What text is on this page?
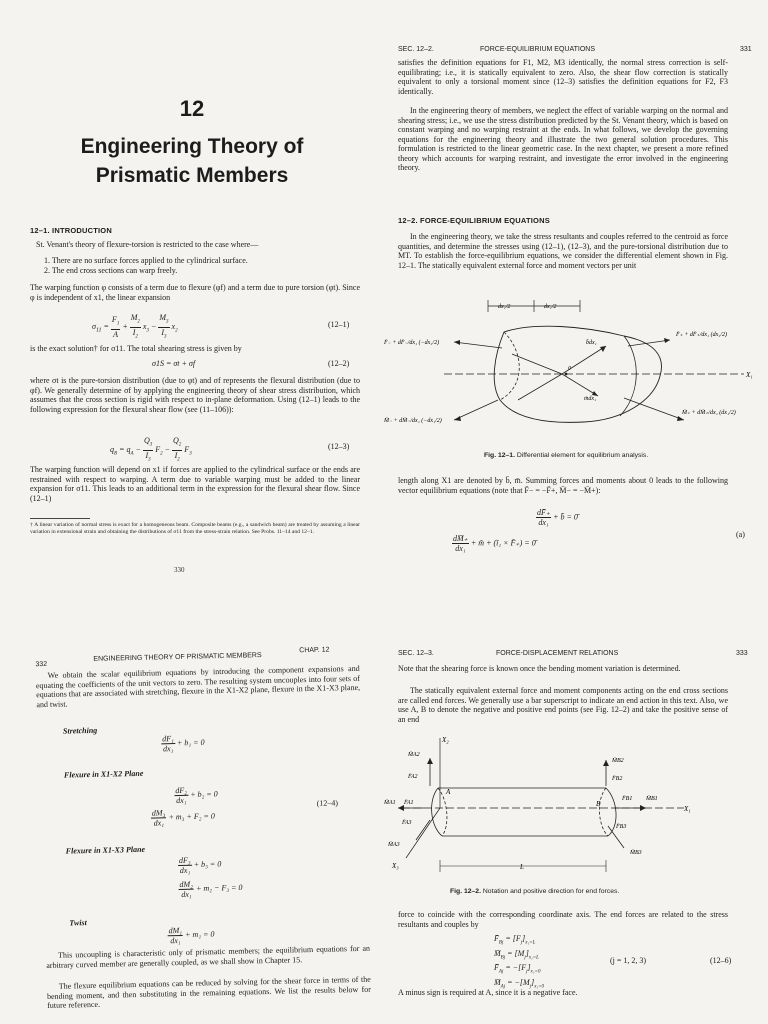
12
Engineering Theory of
Prismatic Members
12–1. INTRODUCTION
St. Venant's theory of flexure-torsion is restricted to the case where—
1. There are no surface forces applied to the cylindrical surface.
2. The end cross sections can warp freely.
The warping function φ consists of a term due to flexure (φf) and a term due to pure torsion (φt). Since φ is independent of x1, the linear expansion
$\sigma_{11} = \frac{F_1}{A} + \frac{M_2}{I_2} x_3 - \frac{M_3}{I_3} x_2$
(12–1)
is the exact solution† for σ11. The total shearing stress is given by
σ1S = σt + σf	(12–2)
where σt is the pure-torsion distribution (due to φt) and σf represents the flexural distribution (due to φf). We generally determine σf by applying the engineering theory of shear stress distribution, which assumes that the cross section is rigid with respect to in-plane deformation. Using (12–1) leads to the following expression for the flexural shear flow (see (11–106)):
$q_B = q_A - \frac{Q_3}{I_3} F_2 - \frac{Q_2}{I_2} F_3$
(12–3)
The warping function will depend on x1 if forces are applied to the cylindrical surface or the ends are restrained with respect to warping. A term due to variable warping must be added to the linear expansion for σ11. This leads to an additional term in the expression for the flexural shear flow. Since (12–1)
† A linear variation of normal stress is exact for a homogeneous beam. Composite beams (e.g., a sandwich beam) are treated by assuming a linear variation in extensional strain and obtaining the distributions of σ11 from the stress-strain relation. See Probs. 11–14 and 12–1.
330
SEC. 12–2.	FORCE-EQUILIBRIUM EQUATIONS	331
satisfies the definition equations for F1, M2, M3 identically, the normal stress correction is self-equilibrating; i.e., it is statically equivalent to zero. Also, the shear flow correction is statically equivalent to only a torsional moment since (12–3) satisfies the definition equations for F2, F3 identically.
In the engineering theory of members, we neglect the effect of variable warping on the normal and shearing stress; i.e., we use the stress distribution predicted by the St. Venant theory, which is based on constant warping and no warping restraint at the ends. In what follows, we develop the governing equations for the engineering theory and illustrate the two general solution procedures. This formulation is restricted to the linear geometric case. In the next chapter, we present a more refined theory which accounts for warping restraint, and investigate the error involved in the engineering theory.
12–2. FORCE-EQUILIBRIUM EQUATIONS
In the engineering theory, we take the stress resultants and couples referred to the centroid as force quantities, and determine the stresses using (12–1), (12–3), and the pure-torsional distribution due to MT. To establish the force-equilibrium equations, we consider the differential element shown in Fig. 12–1. The statically equivalent external force and moment vectors per unit
dx₁/2	dx₁/2
X₁
0
b̄dx₁
m̄dx₁
F̄₋ + dF̄₋/dx₁ (−dx₁/2)
M̄₋ + dM̄₋/dx₁ (−dx₁/2)
F̄₊ + dF̄₊/dx₁ (dx₁/2)
M̄₊ + dM̄₊/dx₁ (dx₁/2)
Fig. 12–1. Differential element for equilibrium analysis.
length along X1 are denoted by b̄, m̄. Summing forces and moments about 0 leads to the following vector equilibrium equations (note that F̄− = −F̄+, M̄− = −M̄+):
$\frac{dF̄_+}{\text{dx₁}}$ + b̄ = 0̄
$\frac{dM̄_+}{\text{dx₁}}$ + m̄ + (ī₁ × F̄₊) = 0̄
(a)
332
ENGINEERING THEORY OF PRISMATIC MEMBERS
CHAP. 12
We obtain the scalar equilibrium equations by introducing the component expansions and equating the coefficients of the unit vectors to zero. The resulting system uncouples into four sets of equations that are associated with stretching, flexure in the X1-X2 plane, flexure in the X1-X3 plane, and twist.
Stretching
$\frac{\text{dF₁}}{\text{dx₁}} + b_1 = 0$
Flexure in X1-X2 Plane
$\frac{\text{dF₂}}{\text{dx₁}} + b_2 = 0$
$\frac{\text{dM₃}}{\text{dx₁}} + m_3 + F_2 = 0$
(12–4)
Flexure in X1-X3 Plane
$\frac{\text{dF₃}}{\text{dx₁}} + b_3 = 0$
$\frac{\text{dM₂}}{\text{dx₁}} + m_2 - F_3 = 0$
Twist
$\frac{\text{dM₁}}{\text{dx₁}} + m_1 = 0$
This uncoupling is characteristic only of prismatic members; the equilibrium equations for an arbitrary curved member are generally coupled, as we shall show in Chapter 15.
The flexure equilibrium equations can be reduced by solving for the shear force in terms of the bending moment, and then substituting in the remaining equations. We list the results below for future reference.
SEC. 12–3.	FORCE-DISPLACEMENT RELATIONS	333
Note that the shearing force is known once the bending moment variation is determined.
The statically equivalent external force and moment components acting on the end cross sections are called end forces. We generally use a bar superscript to indicate an end action in this text. Also, we use A, B to denote the negative and positive end points (see Fig. 12–2) and take the positive sense of an end
X₁
X₂
X₃
A
B
M̄A2
F̄A2
M̄A1 F̄A1
F̄A3
M̄A3
M̄B2
F̄B2
F̄B1 M̄B1
F̄B3
M̄B3
L
Fig. 12–2. Notation and positive direction for end forces.
force to coincide with the corresponding coordinate axis. The end forces are related to the stress resultants and couples by
$F̄_{Bj} = [F_j]_{x_1=L}$
$M̄_{Bj} = [M_j]_{x_1=L}$
$F̄_{Aj} = -[F_j]_{x_1=0}$
$M̄_{Aj} = -[M_j]_{x_1=0}$
(j = 1, 2, 3)	(12–6)
A minus sign is required at A, since it is a negative face.
